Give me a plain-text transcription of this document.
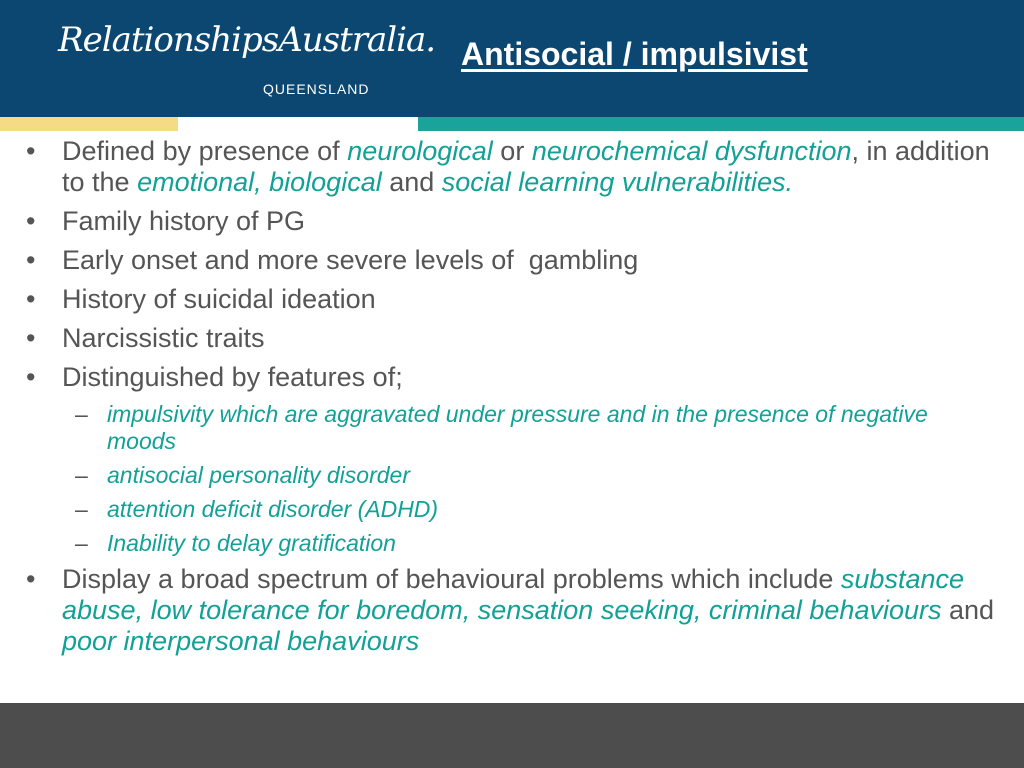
RelationshipsAustralia.
QUEENSLAND
Antisocial / impulsivist
• Defined by presence of neurological or neurochemical dysfunction, in addition to the emotional, biological and social learning vulnerabilities.
• Family history of PG
• Early onset and more severe levels of  gambling
• History of suicidal ideation
• Narcissistic traits
• Distinguished by features of;
– impulsivity which are aggravated under pressure and in the presence of negative moods
– antisocial personality disorder
– attention deficit disorder (ADHD)
– Inability to delay gratification
• Display a broad spectrum of behavioural problems which include substance abuse, low tolerance for boredom, sensation seeking, criminal behaviours and poor interpersonal behaviours
